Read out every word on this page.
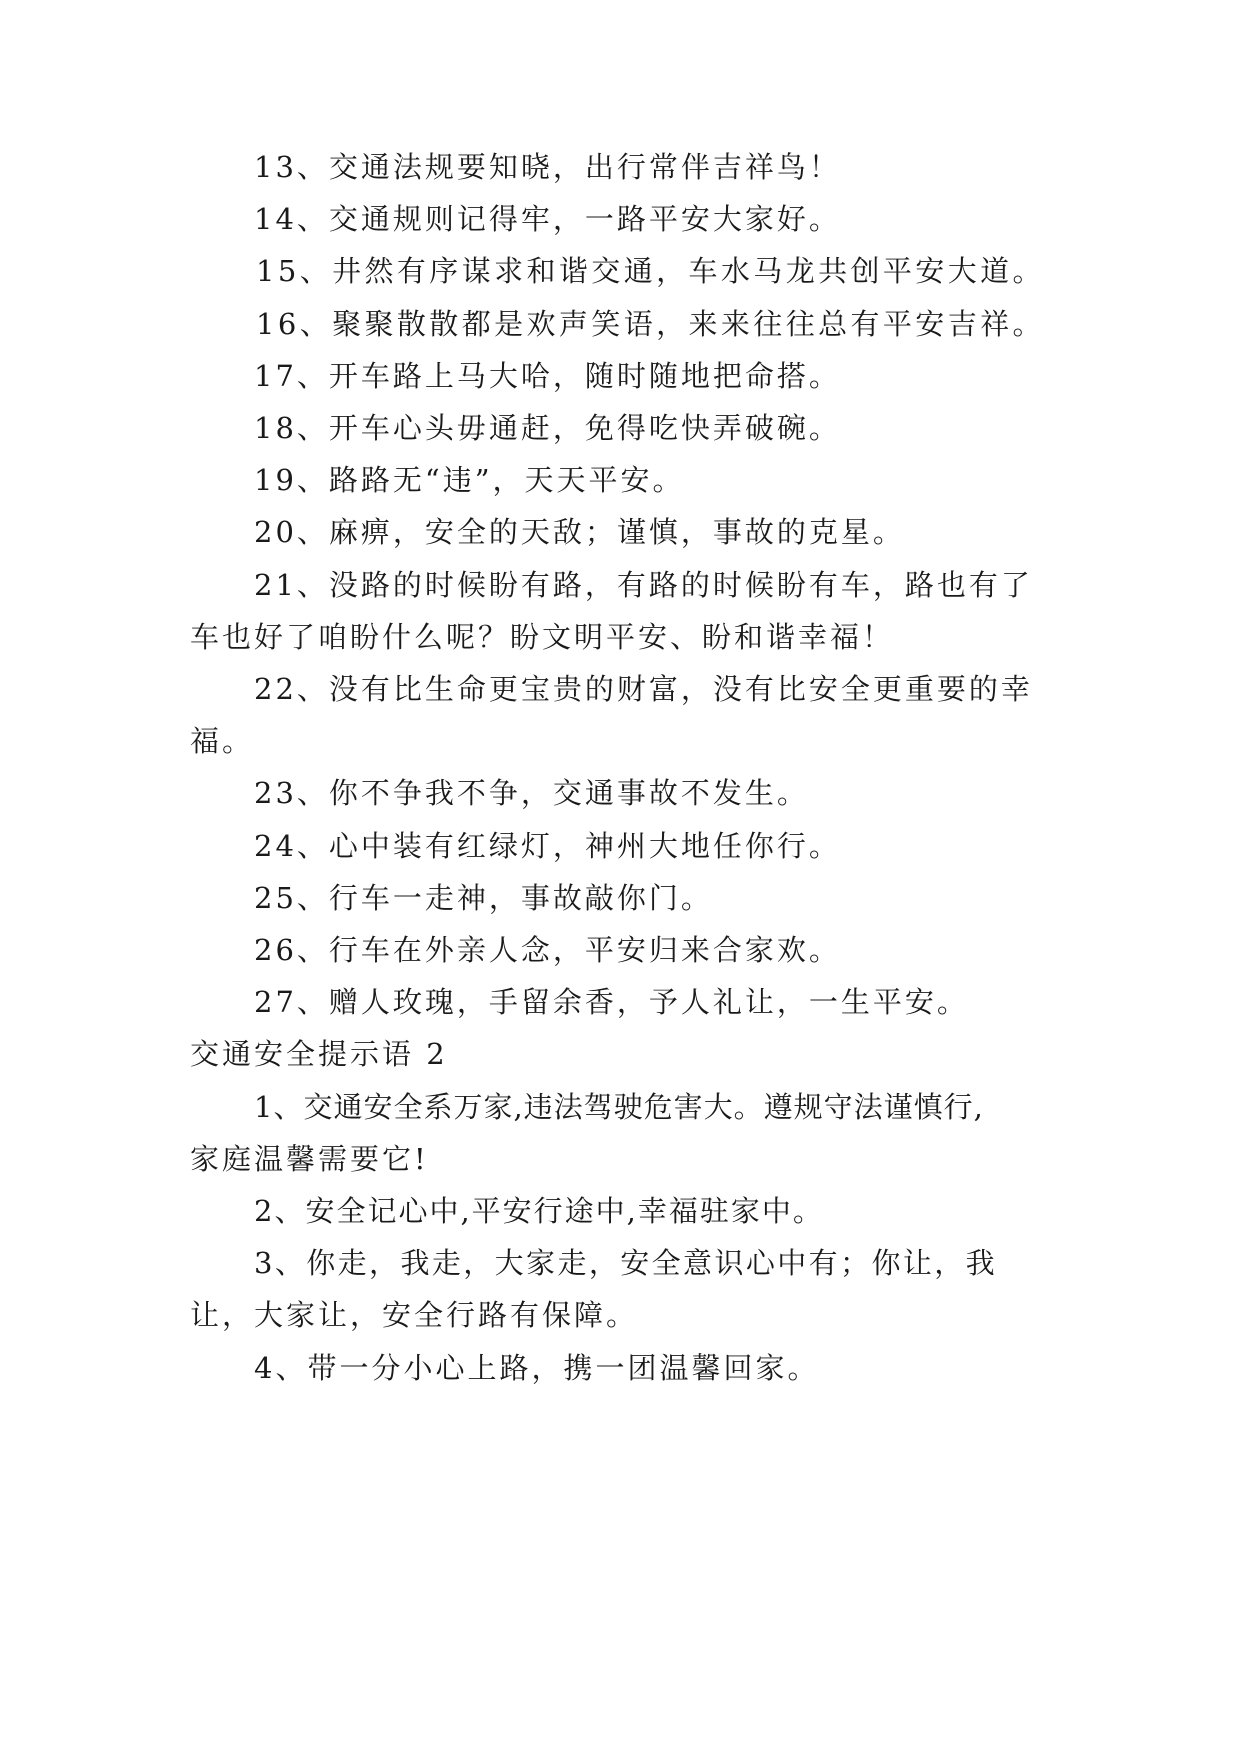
13、交通法规要知晓，出行常伴吉祥鸟！
14、交通规则记得牢，一路平安大家好。
15、井然有序谋求和谐交通，车水马龙共创平安大道。
16、聚聚散散都是欢声笑语，来来往往总有平安吉祥。
17、开车路上马大哈，随时随地把命搭。
18、开车心头毋通赶，免得吃快弄破碗。
19、路路无“违”，天天平安。
20、麻痹，安全的天敌；谨慎，事故的克星。
21、没路的时候盼有路，有路的时候盼有车，路也有了
车也好了咱盼什么呢？盼文明平安、盼和谐幸福！
22、没有比生命更宝贵的财富，没有比安全更重要的幸
福。
23、你不争我不争，交通事故不发生。
24、心中装有红绿灯，神州大地任你行。
25、行车一走神，事故敲你门。
26、行车在外亲人念，平安归来合家欢。
27、赠人玫瑰，手留余香，予人礼让，一生平安。
交通安全提示语 2
1、交通安全系万家,违法驾驶危害大。遵规守法谨慎行,
家庭温馨需要它!
2、安全记心中,平安行途中,幸福驻家中。
3、你走，我走，大家走，安全意识心中有；你让，我
让，大家让，安全行路有保障。
4、带一分小心上路，携一团温馨回家。
